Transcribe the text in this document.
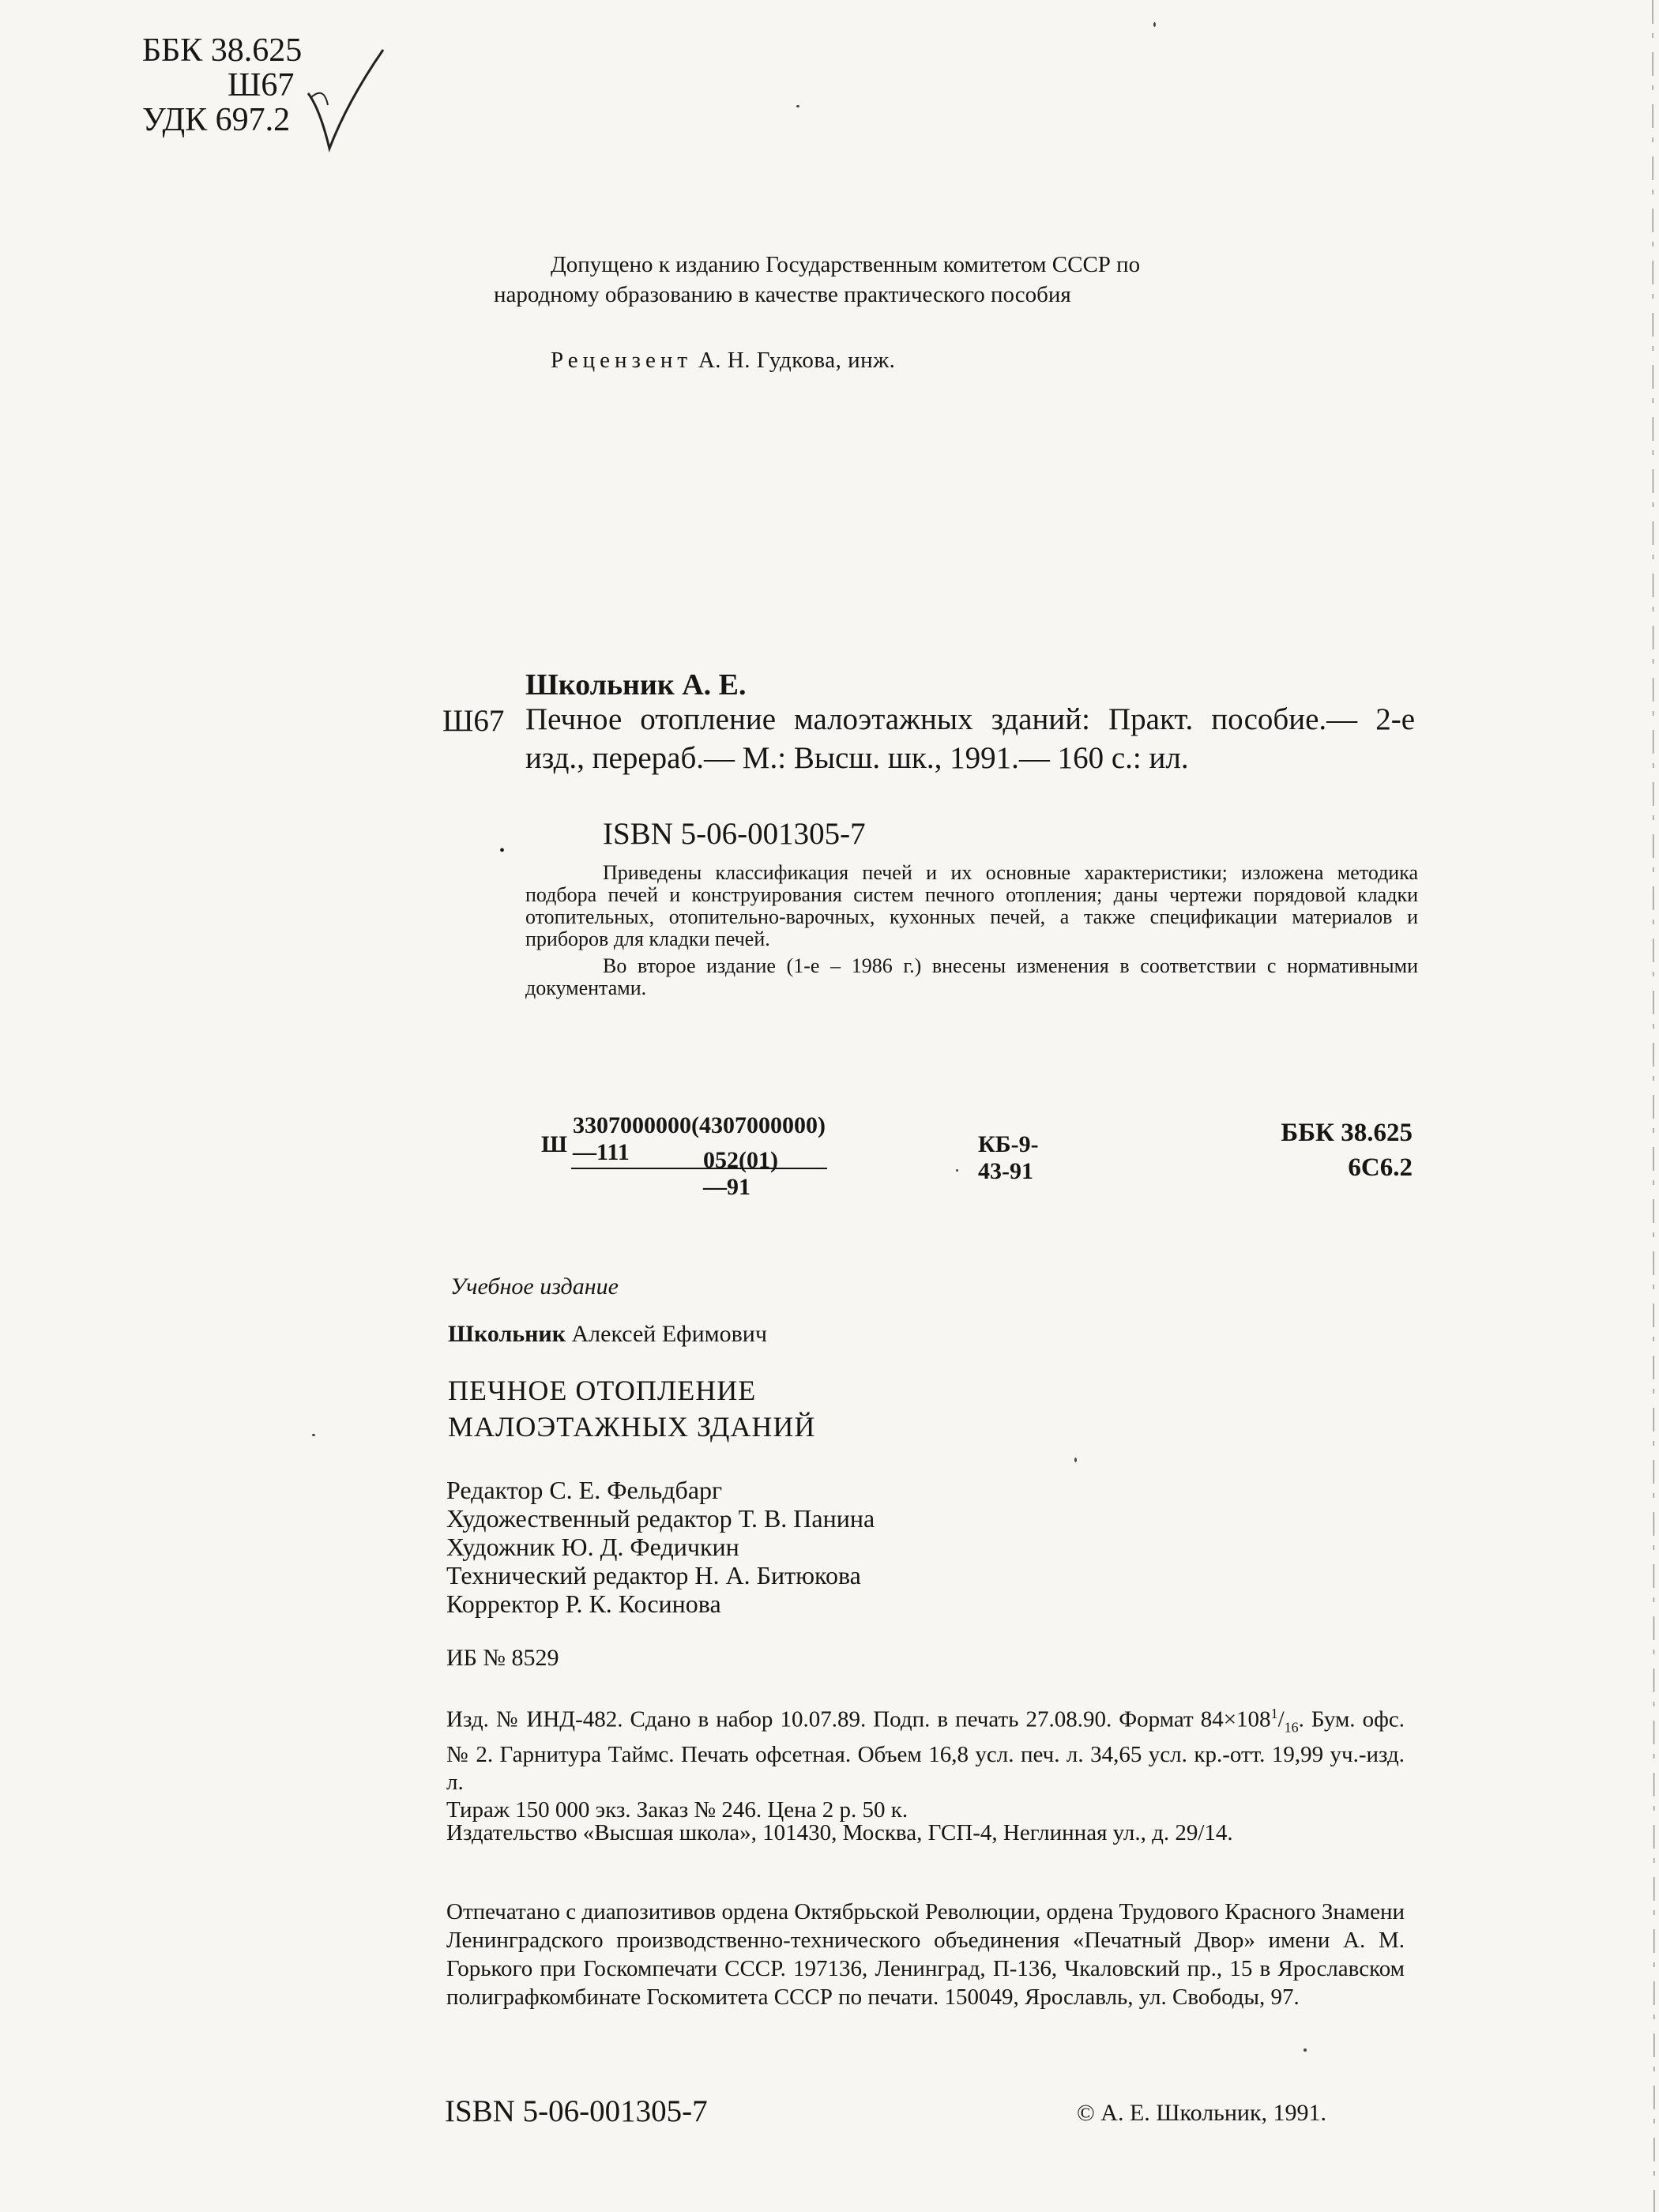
ББК 38.625
Ш67
УДК 697.2
Допущено к изданию Государственным комитетом СССР по
народному образованию в качестве практического пособия
Рецензент А. Н. Гудкова, инж.
Школьник А. Е.
Ш67 Печное отопление малоэтажных зданий: Практ. пособие.— 2-е изд., перераб.— М.: Высш. шк., 1991.— 160 с.: ил.
ISBN 5-06-001305-7
•

Приведены классификация печей и их основные характеристики; изложена методика подбора печей и конструирования систем печного отопления; даны чертежи порядовой кладки отопительных, отопительно-варочных, кухонных печей, а также спецификации материалов и приборов для кладки печей.

Во второе издание (1-е – 1986 г.) внесены изменения в соответствии с нормативными документами.

Ш
3307000000(4307000000)—111	052(01)—91
КБ-9-43-91
ББК 38.625
6С6.2
Учебное издание
Школьник Алексей Ефимович
ПЕЧНОЕ ОТОПЛЕНИЕ
МАЛОЭТАЖНЫХ ЗДАНИЙ
Редактор С. Е. Фельдбарг
Художественный редактор Т. В. Панина
Художник Ю. Д. Федичкин
Технический редактор Н. А. Битюкова
Корректор Р. К. Косинова
ИБ № 8529
Изд. № ИНД-482. Сдано в набор 10.07.89. Подп. в печать 27.08.90. Формат $84\times 108^1/_{16}$. Бум. офс. № 2. Гарнитура Таймс. Печать офсетная. Объем 16,8 усл. печ. л. 34,65 усл. кр.-отт. 19,99 уч.-изд. л.
Тираж 150 000 экз. Заказ № 246. Цена 2 р. 50 к.
Издательство «Высшая школа», 101430, Москва, ГСП-4, Неглинная ул., д. 29/14.
Отпечатано с диапозитивов ордена Октябрьской Революции, ордена Трудового Красного Знамени Ленинградского производственно-технического объединения «Печатный Двор» имени А. М. Горького при Госкомпечати СССР. 197136, Ленинград, П-136, Чкаловский пр., 15 в Ярославском полиграфкомбинате Госкомитета СССР по печати. 150049, Ярославль, ул. Свободы, 97.
ISBN 5-06-001305-7	© А. Е. Школьник, 1991.
